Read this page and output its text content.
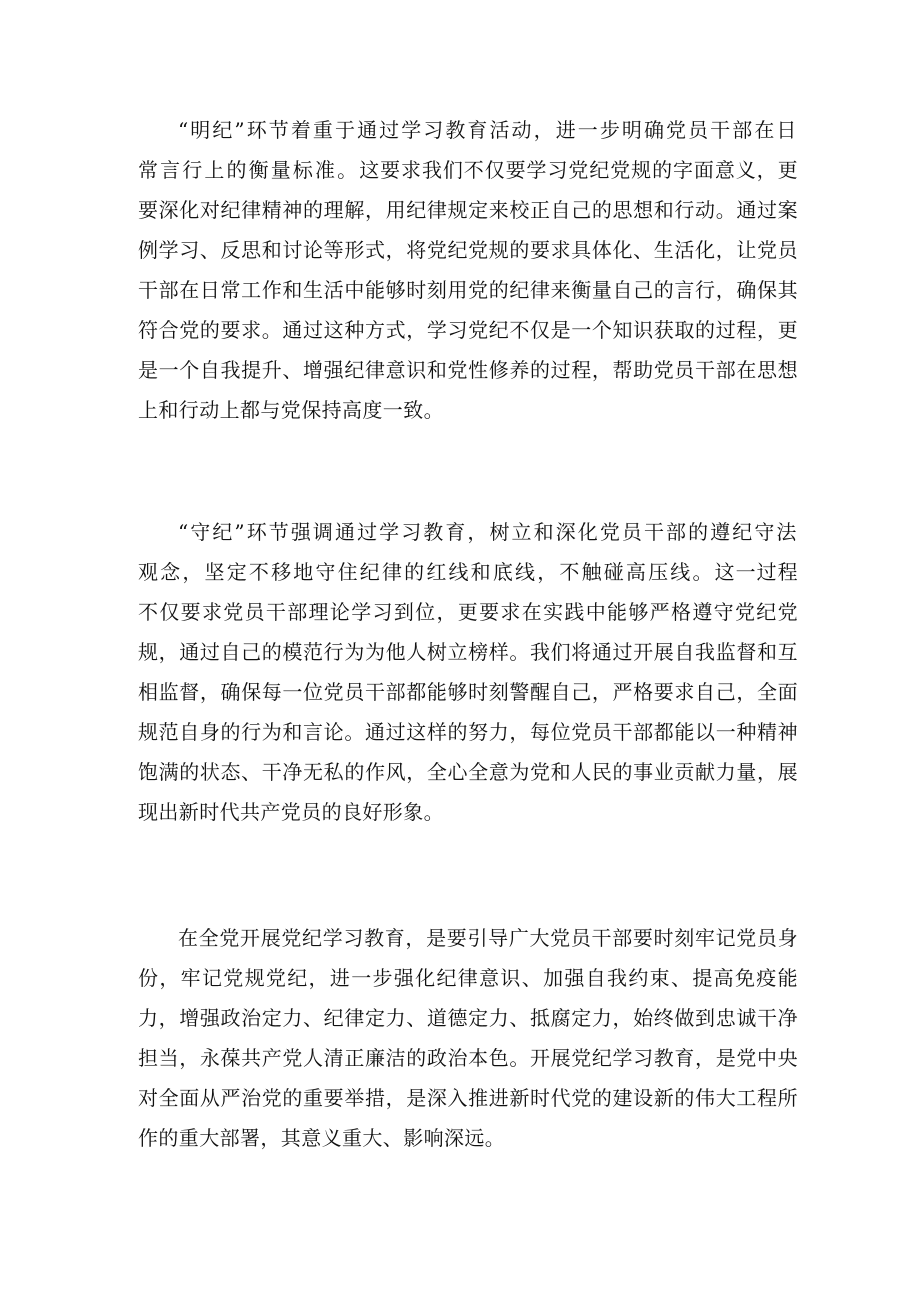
“明纪”环节着重于通过学习教育活动，进一步明确党员干部在日常言行上的衡量标准。这要求我们不仅要学习党纪党规的字面意义，更要深化对纪律精神的理解，用纪律规定来校正自己的思想和行动。通过案例学习、反思和讨论等形式，将党纪党规的要求具体化、生活化，让党员干部在日常工作和生活中能够时刻用党的纪律来衡量自己的言行，确保其符合党的要求。通过这种方式，学习党纪不仅是一个知识获取的过程，更是一个自我提升、增强纪律意识和党性修养的过程，帮助党员干部在思想上和行动上都与党保持高度一致。

“守纪”环节强调通过学习教育，树立和深化党员干部的遵纪守法观念，坚定不移地守住纪律的红线和底线，不触碰高压线。这一过程不仅要求党员干部理论学习到位，更要求在实践中能够严格遵守党纪党规，通过自己的模范行为为他人树立榜样。我们将通过开展自我监督和互相监督，确保每一位党员干部都能够时刻警醒自己，严格要求自己，全面规范自身的行为和言论。通过这样的努力，每位党员干部都能以一种精神饱满的状态、干净无私的作风，全心全意为党和人民的事业贡献力量，展现出新时代共产党员的良好形象。

在全党开展党纪学习教育，是要引导广大党员干部要时刻牢记党员身份，牢记党规党纪，进一步强化纪律意识、加强自我约束、提高免疫能力，增强政治定力、纪律定力、道德定力、抵腐定力，始终做到忠诚干净担当，永葆共产党人清正廉洁的政治本色。开展党纪学习教育，是党中央对全面从严治党的重要举措，是深入推进新时代党的建设新的伟大工程所作的重大部署，其意义重大、影响深远。
